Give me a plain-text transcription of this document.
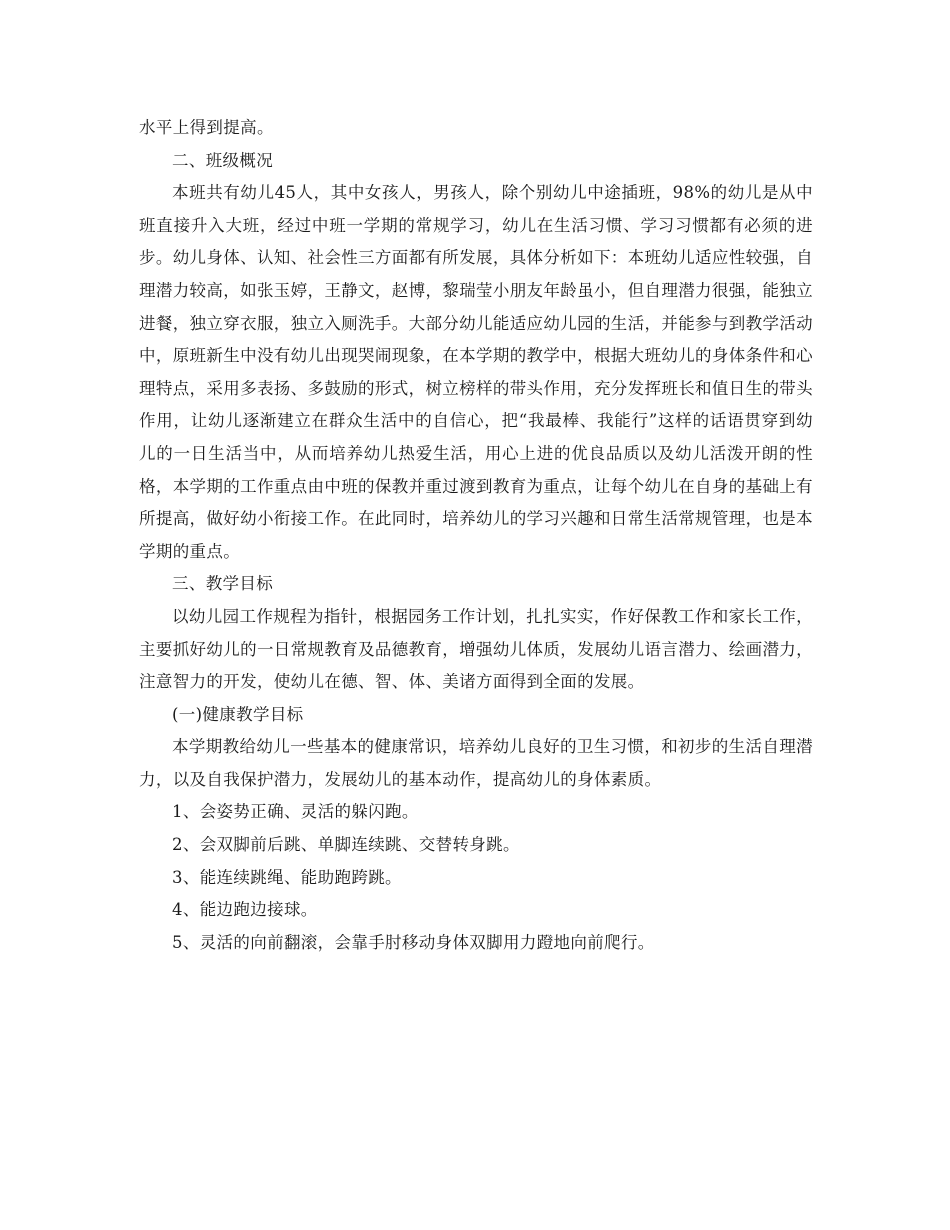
水平上得到提高。

二、班级概况

本班共有幼儿45人，其中女孩人，男孩人，除个别幼儿中途插班，98%的幼儿是从中班直接升入大班，经过中班一学期的常规学习，幼儿在生活习惯、学习习惯都有必须的进步。幼儿身体、认知、社会性三方面都有所发展，具体分析如下：本班幼儿适应性较强，自理潜力较高，如张玉婷，王静文，赵博，黎瑞莹小朋友年龄虽小，但自理潜力很强，能独立进餐，独立穿衣服，独立入厕洗手。大部分幼儿能适应幼儿园的生活，并能参与到教学活动中，原班新生中没有幼儿出现哭闹现象，在本学期的教学中，根据大班幼儿的身体条件和心理特点，采用多表扬、多鼓励的形式，树立榜样的带头作用，充分发挥班长和值日生的带头作用，让幼儿逐渐建立在群众生活中的自信心，把“我最棒、我能行”这样的话语贯穿到幼儿的一日生活当中，从而培养幼儿热爱生活，用心上进的优良品质以及幼儿活泼开朗的性格，本学期的工作重点由中班的保教并重过渡到教育为重点，让每个幼儿在自身的基础上有所提高，做好幼小衔接工作。在此同时，培养幼儿的学习兴趣和日常生活常规管理，也是本学期的重点。

三、教学目标

以幼儿园工作规程为指针，根据园务工作计划，扎扎实实，作好保教工作和家长工作，主要抓好幼儿的一日常规教育及品德教育，增强幼儿体质，发展幼儿语言潜力、绘画潜力，注意智力的开发，使幼儿在德、智、体、美诸方面得到全面的发展。

(一)健康教学目标

本学期教给幼儿一些基本的健康常识，培养幼儿良好的卫生习惯，和初步的生活自理潜力，以及自我保护潜力，发展幼儿的基本动作，提高幼儿的身体素质。

1、会姿势正确、灵活的躲闪跑。

2、会双脚前后跳、单脚连续跳、交替转身跳。

3、能连续跳绳、能助跑跨跳。

4、能边跑边接球。

5、灵活的向前翻滚，会靠手肘移动身体双脚用力蹬地向前爬行。
